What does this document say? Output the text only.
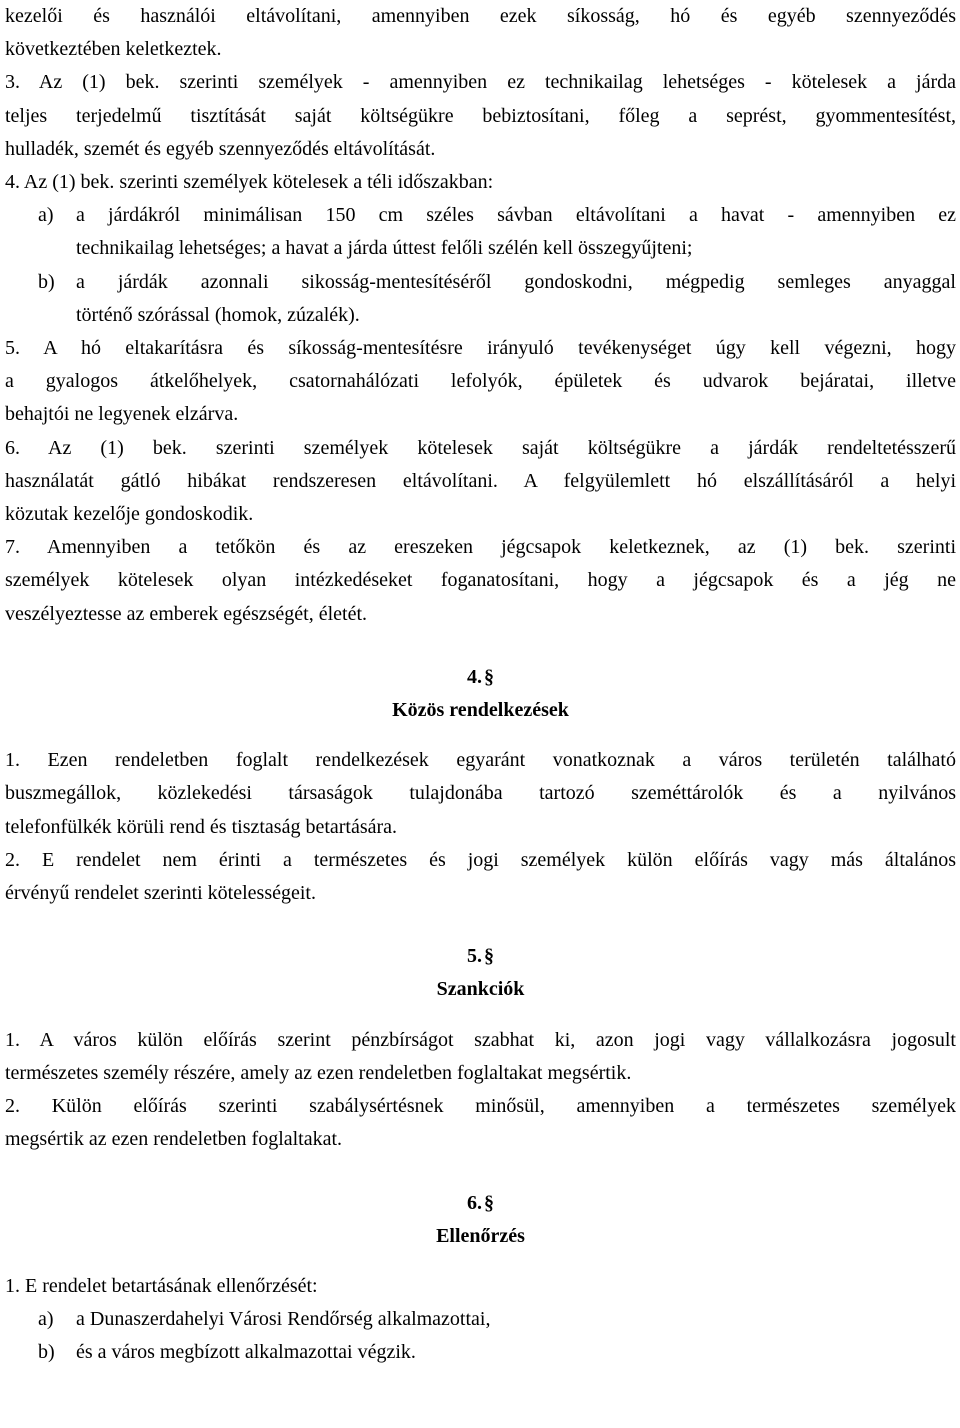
kezelői és használói eltávolítani, amennyiben ezek síkosság, hó és egyéb szennyeződés
következtében keletkeztek.
3. Az (1) bek. szerinti személyek - amennyiben ez technikailag lehetséges - kötelesek a járda
teljes terjedelmű tisztítását saját költségükre bebiztosítani, főleg a seprést, gyommentesítést,
hulladék, szemét és egyéb szennyeződés eltávolítását.
4. Az (1) bek. szerinti személyek kötelesek a téli időszakban:
a)	a járdákról minimálisan 150 cm széles sávban eltávolítani a havat - amennyiben ez
technikailag lehetséges; a havat a járda úttest felőli szélén kell összegyűjteni;
b)	a járdák azonnali sikosság-mentesítéséről gondoskodni, mégpedig semleges anyaggal
történő szórással (homok, zúzalék).
5. A hó eltakarításra és síkosság-mentesítésre irányuló tevékenységet úgy kell végezni, hogy
a gyalogos átkelőhelyek, csatornahálózati lefolyók, épületek és udvarok bejáratai, illetve
behajtói ne legyenek elzárva.
6. Az (1) bek. szerinti személyek kötelesek saját költségükre a járdák rendeltetésszerű
használatát gátló hibákat rendszeresen eltávolítani. A felgyülemlett hó elszállításáról a helyi
közutak kezelője gondoskodik.
7. Amennyiben a tetőkön és az ereszeken jégcsapok keletkeznek, az (1) bek. szerinti
személyek kötelesek olyan intézkedéseket foganatosítani, hogy a jégcsapok és a jég ne
veszélyeztesse az emberek egészségét, életét.
4. §
Közös rendelkezések
1. Ezen rendeletben foglalt rendelkezések egyaránt vonatkoznak a város területén található
buszmegállok, közlekedési társaságok tulajdonába tartozó szeméttárolók és a nyilvános
telefonfülkék körüli rend és tisztaság betartására.
2. E rendelet nem érinti a természetes és jogi személyek külön előírás vagy más általános
érvényű rendelet szerinti kötelességeit.
5. §
Szankciók
1. A város külön előírás szerint pénzbírságot szabhat ki, azon jogi vagy vállalkozásra jogosult
természetes személy részére, amely az ezen rendeletben foglaltakat megsértik.
2. Külön előírás szerinti szabálysértésnek minősül, amennyiben a természetes személyek
megsértik az ezen rendeletben foglaltakat.
6. §
Ellenőrzés
1. E rendelet betartásának ellenőrzését:
a)	a Dunaszerdahelyi Városi Rendőrség alkalmazottai,
b)	és a város megbízott alkalmazottai végzik.
